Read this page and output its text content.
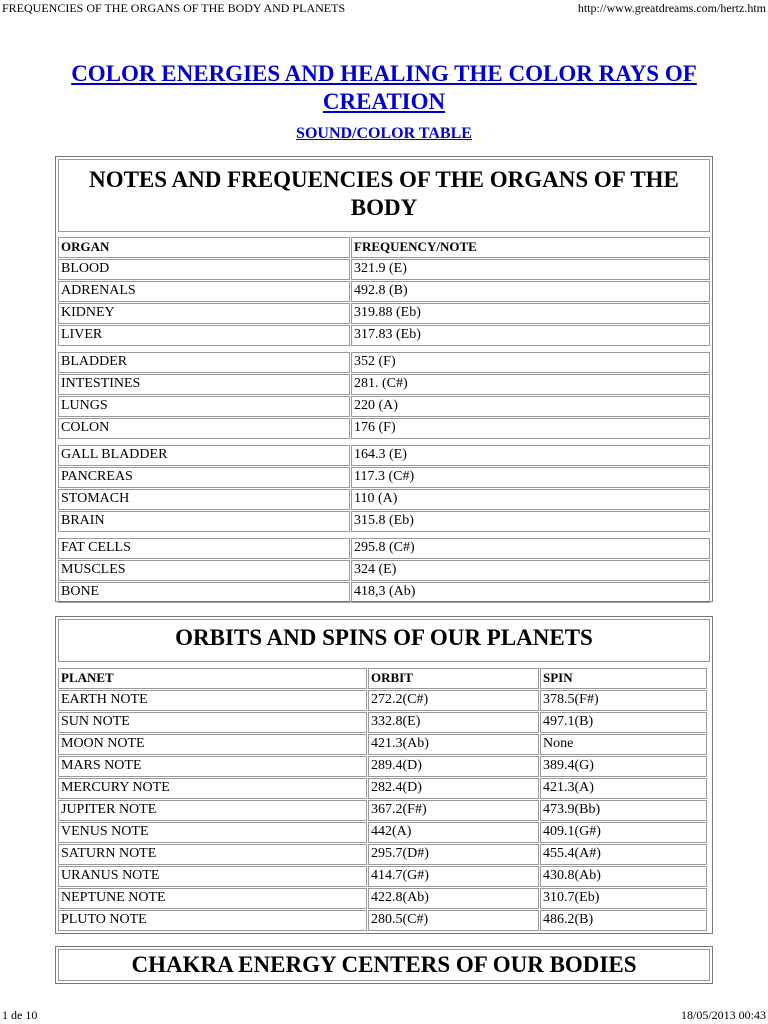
FREQUENCIES OF THE ORGANS OF THE BODY AND PLANETS	http://www.greatdreams.com/hertz.htm
COLOR ENERGIES AND HEALING THE COLOR RAYS OF CREATION
SOUND/COLOR TABLE
NOTES AND FREQUENCIES OF THE ORGANS OF THE BODY
ORGAN	FREQUENCY/NOTE
BLOOD	321.9 (E)
ADRENALS	492.8 (B)
KIDNEY	319.88 (Eb)
LIVER	317.83 (Eb)
BLADDER	352 (F)
INTESTINES	281. (C#)
LUNGS	220 (A)
COLON	176 (F)
GALL BLADDER	164.3 (E)
PANCREAS	117.3 (C#)
STOMACH	110 (A)
BRAIN	315.8 (Eb)
FAT CELLS	295.8 (C#)
MUSCLES	324 (E)
BONE	418,3 (Ab)
ORBITS AND SPINS OF OUR PLANETS
PLANET	ORBIT	SPIN
EARTH NOTE	272.2(C#)	378.5(F#)
SUN NOTE	332.8(E)	497.1(B)
MOON NOTE	421.3(Ab)	None
MARS NOTE	289.4(D)	389.4(G)
MERCURY NOTE	282.4(D)	421.3(A)
JUPITER NOTE	367.2(F#)	473.9(Bb)
VENUS NOTE	442(A)	409.1(G#)
SATURN NOTE	295.7(D#)	455.4(A#)
URANUS NOTE	414.7(G#)	430.8(Ab)
NEPTUNE NOTE	422.8(Ab)	310.7(Eb)
PLUTO NOTE	280.5(C#)	486.2(B)
CHAKRA ENERGY CENTERS OF OUR BODIES
1 de 10	18/05/2013 00:43
